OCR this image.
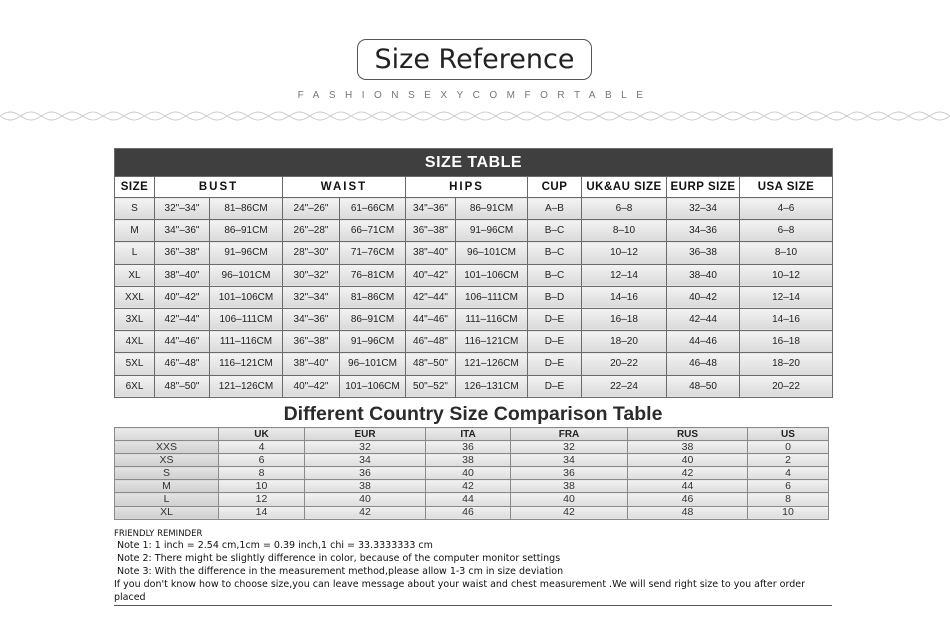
Size Reference
FASHIONSEXYCOMFORTABLE
SIZE TABLE										
SIZE	BUST		WAIST		HIPS		CUP	UK&AU SIZE	EURP SIZE	USA SIZE
S	32"–34"	81–86CM	24"–26"	61–66CM	34"–36"	86–91CM	A–B	6–8	32–34	4–6
M	34"–36"	86–91CM	26"–28"	66–71CM	36"–38"	91–96CM	B–C	8–10	34–36	6–8
L	36"–38"	91–96CM	28"–30"	71–76CM	38"–40"	96–101CM	B–C	10–12	36–38	8–10
XL	38"–40"	96–101CM	30"–32"	76–81CM	40"–42"	101–106CM	B–C	12–14	38–40	10–12
XXL	40"–42"	101–106CM	32"–34"	81–86CM	42"–44"	106–111CM	B–D	14–16	40–42	12–14
3XL	42"–44"	106–111CM	34"–36"	86–91CM	44"–46"	111–116CM	D–E	16–18	42–44	14–16
4XL	44"–46"	111–116CM	36"–38"	91–96CM	46"–48"	116–121CM	D–E	18–20	44–46	16–18
5XL	46"–48"	116–121CM	38"–40"	96–101CM	48"–50"	121–126CM	D–E	20–22	46–48	18–20
6XL	48"–50"	121–126CM	40"–42"	101–106CM	50"–52"	126–131CM	D–E	22–24	48–50	20–22
Different Country Size Comparison Table
	UK	EUR	ITA	FRA	RUS	US
XXS	4	32	36	32	38	0
XS	6	34	38	34	40	2
S	8	36	40	36	42	4
M	10	38	42	38	44	6
L	12	40	44	40	46	8
XL	14	42	46	42	48	10
FRIENDLY REMINDER
Note 1: 1 inch = 2.54 cm,1cm = 0.39 inch,1 chi = 33.3333333 cm
Note 2: There might be slightly difference in color, because of the computer monitor settings
Note 3: With the difference in the measurement method,please allow 1-3 cm in size deviation
If you don't know how to choose size,you can leave message about your waist and chest measurement .We will send right size to you after order placed
